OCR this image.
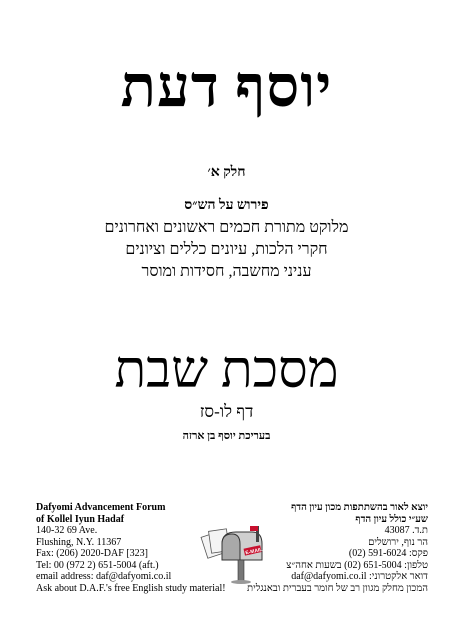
יוסף דעת
חלק א׳
פירוש על הש״ס
מלוקט מתורת חכמים ראשונים ואחרונים
חקרי הלכות, עיונים כללים וציונים
עניני מחשבה, חסידות ומוסר
מסכת שבת
דף לו-סז
בעריכת יוסף בן ארזה
Dafyomi Advancement Forum
of Kollel Iyun Hadaf
140-32 69 Ave.
Flushing, N.Y. 11367
Fax: (206) 2020-DAF [323]
Tel: 00 (972 2) 651-5004 (aft.)
email address: daf@dafyomi.co.il
Ask about D.A.F.'s free English study material!
יוצא לאור בהשתתפות מכון עיון הדף
שע״י כולל עיון הדף
ת.ד. 43087
הר נוף, ירושלים
פקס: 591-6024 (02)
טלפון: 651-5004 (02) בשעות אחה״צ
דואר אלקטרוני: daf@dafyomi.co.il
המכון מחלק מגוון רב של חומר בעברית ובאנגלית
E-MAIL
